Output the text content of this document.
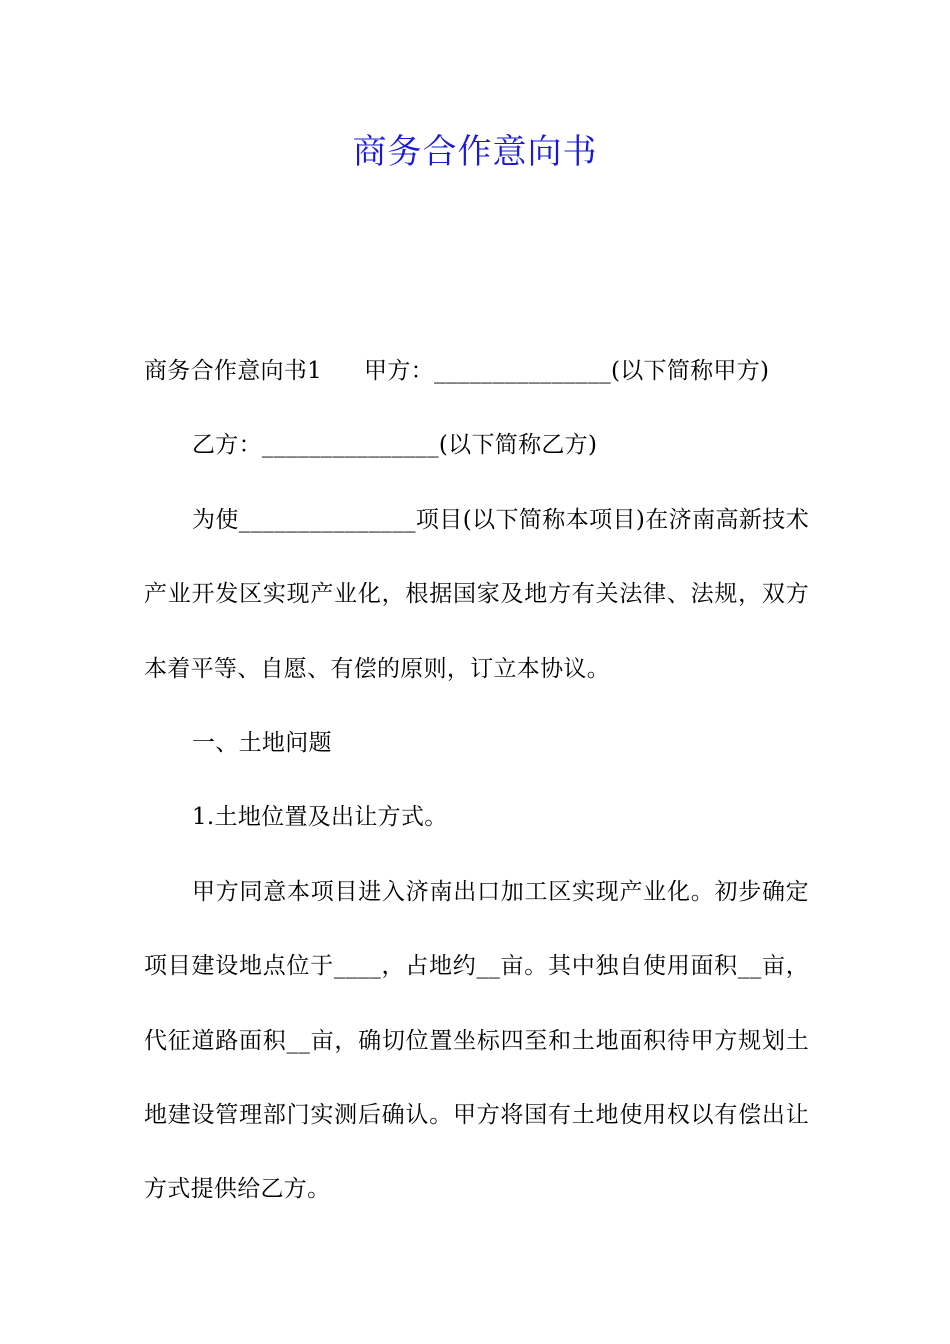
商务合作意向书

商务合作意向书1 甲方：_______________(以下简称甲方)

乙方：_______________(以下简称乙方)

为使_______________项目(以下简称本项目)在济南高新技术产业开发区实现产业化，根据国家及地方有关法律、法规，双方本着平等、自愿、有偿的原则，订立本协议。

一、土地问题

1.土地位置及出让方式。

甲方同意本项目进入济南出口加工区实现产业化。初步确定项目建设地点位于____，占地约__亩。其中独自使用面积__亩，代征道路面积__亩，确切位置坐标四至和土地面积待甲方规划土地建设管理部门实测后确认。甲方将国有土地使用权以有偿出让方式提供给乙方。
